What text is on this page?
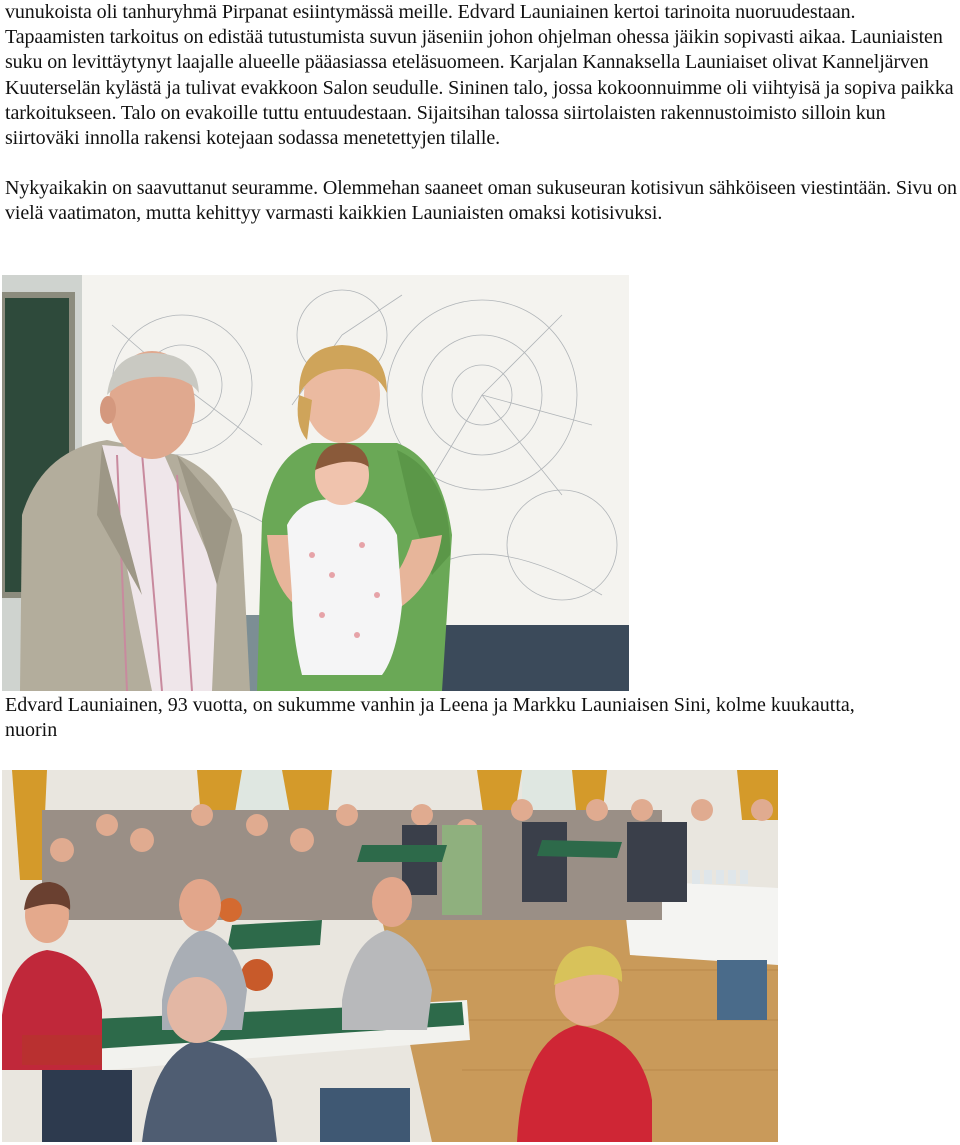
vunukoista oli tanhuryhmä Pirpanat esiintymässä meille. Edvard Launiainen kertoi tarinoita nuoruudestaan. Tapaamisten tarkoitus on edistää tutustumista suvun jäseniin johon ohjelman ohessa jäikin sopivasti aikaa. Launiaisten suku on levittäytynyt laajalle alueelle pääasiassa eteläsuomeen. Karjalan Kannaksella Launiaiset olivat Kanneljärven Kuuterselän kylästä ja tulivat evakkoon Salon seudulle. Sininen talo, jossa kokoonnuimme oli viihtyisä ja sopiva paikka tarkoitukseen. Talo on evakoille tuttu entuudestaan. Sijaitsihan talossa siirtolaisten rakennustoimisto silloin kun siirtoväki innolla rakensi kotejaan sodassa menetettyjen tilalle.

Nykyaikakin on saavuttanut seuramme. Olemmehan saaneet oman sukuseuran kotisivun sähköiseen viestintään. Sivu on vielä vaatimaton, mutta kehittyy varmasti kaikkien Launiaisten omaksi kotisivuksi.

Edvard Launiainen, 93 vuotta, on sukumme vanhin ja Leena ja Markku Launiaisen Sini, kolme kuukautta, nuorin
